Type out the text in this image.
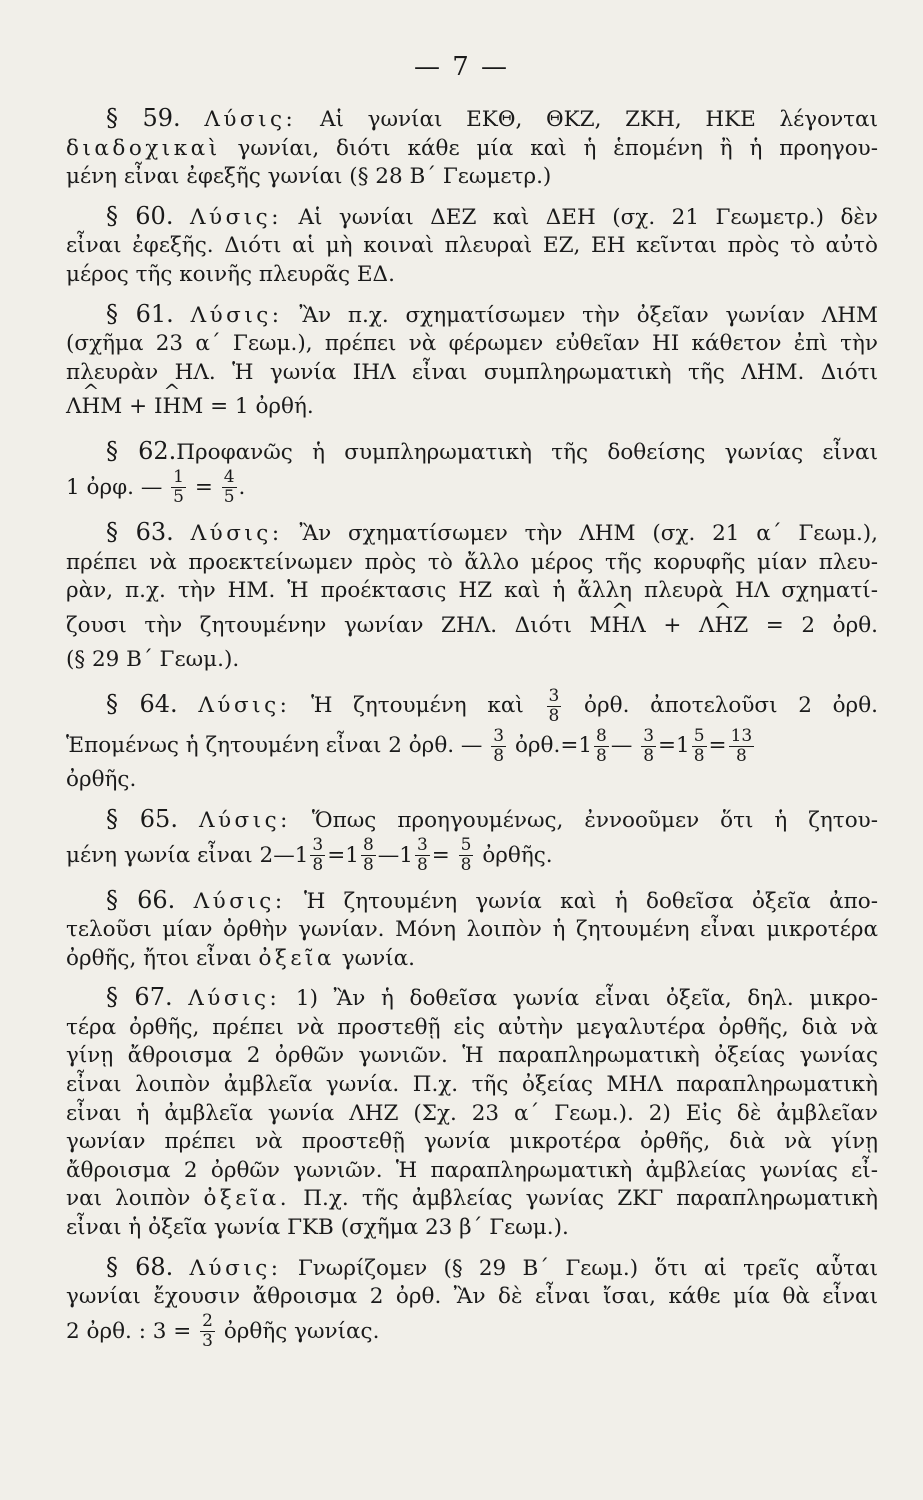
— 7 —
§ 59. Λύσις: Αἱ γωνίαι ΕΚΘ, ΘΚΖ, ΖΚΗ, ΗΚΕ λέγονται
διαδοχικαὶ γωνίαι, διότι κάθε μία καὶ ἡ ἑπομένη ἢ ἡ προηγου-
μένη εἶναι ἐφεξῆς γωνίαι (§ 28 Β΄ Γεωμετρ.)
§ 60. Λύσις: Αἱ γωνίαι ΔΕΖ καὶ ΔΕΗ (σχ. 21 Γεωμετρ.) δὲν
εἶναι ἐφεξῆς. Διότι αἱ μὴ κοιναὶ πλευραὶ ΕΖ, ΕΗ κεῖνται πρὸς τὸ αὐτὸ
μέρος τῆς κοινῆς πλευρᾶς ΕΔ.
§ 61. Λύσις: Ἂν π.χ. σχηματίσωμεν τὴν ὀξεῖαν γωνίαν ΛΗΜ
(σχῆμα 23 α΄ Γεωμ.), πρέπει νὰ φέρωμεν εὐθεῖαν ΗΙ κάθετον ἐπὶ τὴν
πλευρὰν ΗΛ. Ἡ γωνία ΙΗΛ εἶναι συμπληρωματικὴ τῆς ΛΗΜ. Διότι
Λ^ ΗΜ + Ι^ ΗΜ = 1 ὀρθή.
§ 62.Προφανῶς ἡ συμπληρωματικὴ τῆς δοθείσης γωνίας εἶναι
1 ὀρφ. — $\frac{1}{5} = \frac{4}{5}$ .
§ 63. Λύσις: Ἂν σχηματίσωμεν τὴν ΛΗΜ (σχ. 21 α΄ Γεωμ.),
πρέπει νὰ προεκτείνωμεν πρὸς τὸ ἄλλο μέρος τῆς κορυφῆς μίαν πλευ-
ρὰν, π.χ. τὴν ΗΜ. Ἡ προέκτασις ΗΖ καὶ ἡ ἄλλη πλευρὰ ΗΛ σχηματί-
ζουσι τὴν ζητουμένην γωνίαν ΖΗΛ. Διότι Μ^ ΗΛ + Λ^ ΗΖ = 2 ὀρθ.
(§ 29 Β΄ Γεωμ.).
§ 64. Λύσις: Ἡ ζητουμένη καὶ $\frac{3}{8}$ ὀρθ. ἀποτελοῦσι 2 ὀρθ.
Ἑπομένως ἡ ζητουμένη εἶναι 2 ὀρθ. — $\frac{3}{8}$ ὀρθ.=1 $\frac{8}{8}$ — $\frac{3}{8} =1 \frac{5}{8} = \frac{13}{8}$
ὀρθῆς.
§ 65. Λύσις: Ὅπως προηγουμένως, ἐννοοῦμεν ὅτι ἡ ζητου-
μένη γωνία εἶναι 2—1 $\frac{3}{8} =1 \frac{8}{8}$ —1 $\frac{3}{8} = \frac{5}{8}$ ὀρθῆς.
§ 66. Λύσις: Ἡ ζητουμένη γωνία καὶ ἡ δοθεῖσα ὀξεῖα ἀπο-
τελοῦσι μίαν ὀρθὴν γωνίαν. Μόνη λοιπὸν ἡ ζητουμένη εἶναι μικροτέρα
ὀρθῆς, ἤτοι εἶναι ὀξεῖα γωνία.
§ 67. Λύσις: 1) Ἂν ἡ δοθεῖσα γωνία εἶναι ὀξεῖα, δηλ. μικρο-
τέρα ὀρθῆς, πρέπει νὰ προστεθῇ εἰς αὐτὴν μεγαλυτέρα ὀρθῆς, διὰ νὰ
γίνῃ ἄθροισμα 2 ὀρθῶν γωνιῶν. Ἡ παραπληρωματικὴ ὀξείας γωνίας
εἶναι λοιπὸν ἀμβλεῖα γωνία. Π.χ. τῆς ὀξείας ΜΗΛ παραπληρωματικὴ
εἶναι ἡ ἀμβλεῖα γωνία ΛΗΖ (Σχ. 23 α΄ Γεωμ.). 2) Εἰς δὲ ἀμβλεῖαν
γωνίαν πρέπει νὰ προστεθῇ γωνία μικροτέρα ὀρθῆς, διὰ νὰ γίνῃ
ἄθροισμα 2 ὀρθῶν γωνιῶν. Ἡ παραπληρωματικὴ ἀμβλείας γωνίας εἶ-
ναι λοιπὸν ὀξεῖα. Π.χ. τῆς ἀμβλείας γωνίας ΖΚΓ παραπληρωματικὴ
εἶναι ἡ ὀξεῖα γωνία ΓΚΒ (σχῆμα 23 β΄ Γεωμ.).
§ 68. Λύσις: Γνωρίζομεν (§ 29 Β΄ Γεωμ.) ὅτι αἱ τρεῖς αὗται
γωνίαι ἔχουσιν ἄθροισμα 2 ὀρθ. Ἂν δὲ εἶναι ἴσαι, κάθε μία θὰ εἶναι
2 ὀρθ. : $3 = \frac{2}{3}$ ὀρθῆς γωνίας.
